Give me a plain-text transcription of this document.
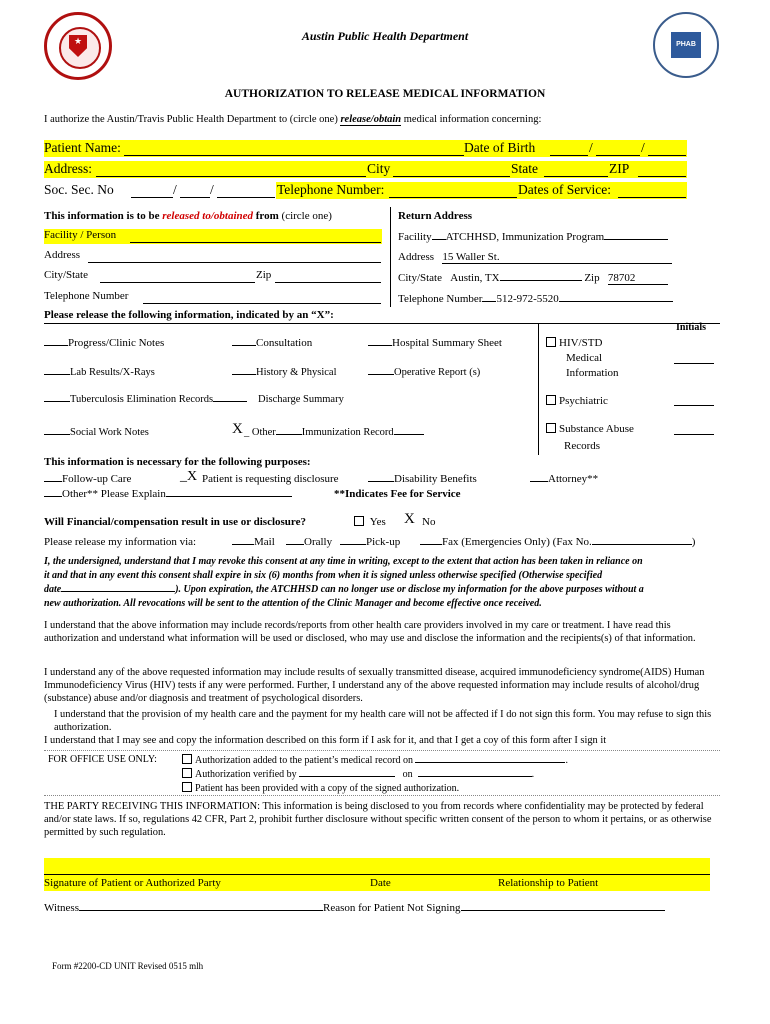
★	PHAB
Austin Public Health Department
AUTHORIZATION TO RELEASE MEDICAL INFORMATION
I authorize the Austin/Travis Public Health Department to (circle one) release/obtain medical information concerning:
Patient Name:	Date of Birth	/	/
Address:	City	State	ZIP
Soc. Sec. No	/ /	Telephone Number:	Dates of Service:
This information is to be released to/obtained from (circle one)	Return Address
Facility / Person
Address
City/State	Zip
Telephone Number
Facility ATCHHSD, Immunization Program
Address 15 Waller St.
City/State Austin, TX	Zip 78702
Telephone Number 512-972-5520
Please release the following information, indicated by an “X”:
Initials
Progress/Clinic Notes	Consultation	Hospital Summary Sheet
Lab Results/X-Rays	History & Physical	Operative Report (s)
Tuberculosis Elimination Records	Discharge Summary
Social Work Notes	X _ Other Immunization Record
HIV/STD
Medical
Information
Psychiatric
Substance Abuse
Records
This information is necessary for the following purposes:
Follow-up Care	_X Patient is requesting disclosure	Disability Benefits	Attorney**
Other** Please Explain	**Indicates Fee for Service
Will Financial/compensation result in use or disclosure?	Yes X No
Please release my information via:	Mail	Orally	Pick-up	Fax (Emergencies Only) (Fax No.	)
I, the undersigned, understand that I may revoke this consent at any time in writing, except to the extent that action has been taken in reliance on
it and that in any event this consent shall expire in six (6) months from when it is signed unless otherwise specified (Otherwise specified
date	). Upon expiration, the ATCHHSD can no longer use or disclose my information for the above purposes without a
new authorization. All revocations will be sent to the attention of the Clinic Manager and become effective once received.
I understand that the above information may include records/reports from other health care providers involved in my care or treatment. I have read this authorization and understand what information will be used or disclosed, who may use and disclose the information and the recipients(s) of that information.
I understand any of the above requested information may include results of sexually transmitted disease, acquired immunodeficiency syndrome(AIDS) Human Immunodeficiency Virus (HIV) tests if any were performed. Further, I understand any of the above requested information may include results of alcohol/drug (substance) abuse and/or diagnosis and treatment of psychological disorders.
I understand that the provision of my health care and the payment for my health care will not be affected if I do not sign this form. You may refuse to sign this authorization.
I understand that I may see and copy the information described on this form if I ask for it, and that I get a coy of this form after I sign it
FOR OFFICE USE ONLY:	Authorization added to the patient’s medical record on	.
Authorization verified by	on	.
Patient has been provided with a copy of the signed authorization.
THE PARTY RECEIVING THIS INFORMATION: This information is being disclosed to you from records where confidentiality may be protected by federal and/or state laws. If so, regulations 42 CFR, Part 2, prohibit further disclosure without specific written consent of the person to whom it pertains, or as otherwise permitted by such regulation.
Signature of Patient or Authorized Party	Date	Relationship to Patient
Witness	Reason for Patient Not Signing
Form #2200-CD UNIT Revised 0515 mlh
